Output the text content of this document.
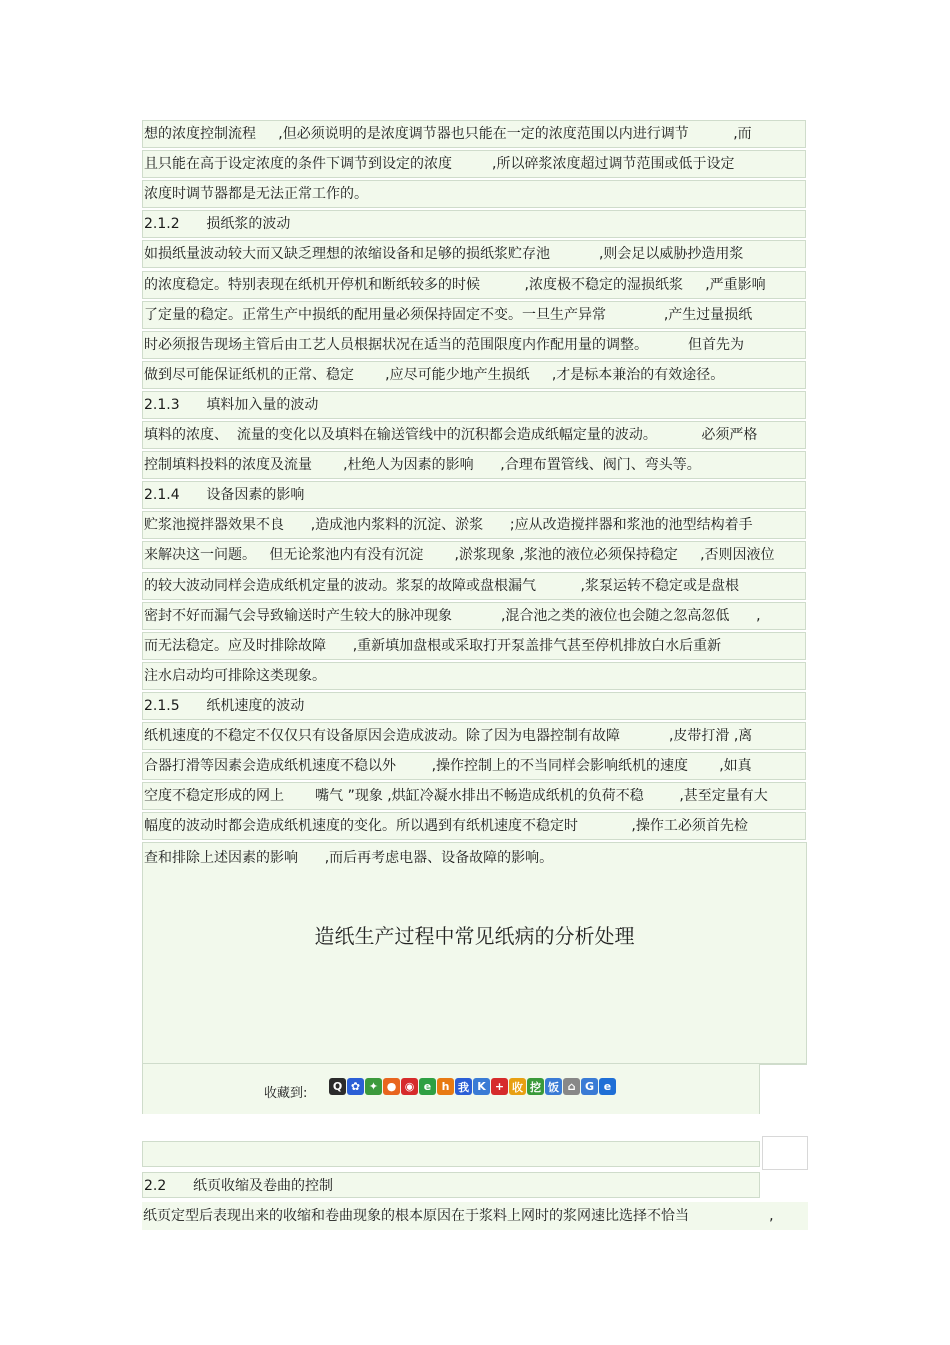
想的浓度控制流程     ,但必须说明的是浓度调节器也只能在一定的浓度范围以内进行调节          ,而
且只能在高于设定浓度的条件下调节到设定的浓度         ,所以碎浆浓度超过调节范围或低于设定
浓度时调节器都是无法正常工作的。
2.1.2      损纸浆的波动
如损纸量波动较大而又缺乏理想的浓缩设备和足够的损纸浆贮存池           ,则会足以威胁抄造用浆
的浓度稳定。特别表现在纸机开停机和断纸较多的时候          ,浓度极不稳定的湿损纸浆     ,严重影响
了定量的稳定。正常生产中损纸的配用量必须保持固定不变。一旦生产异常             ,产生过量损纸
时必须报告现场主管后由工艺人员根据状况在适当的范围限度内作配用量的调整。         但首先为
做到尽可能保证纸机的正常、稳定       ,应尽可能少地产生损纸     ,才是标本兼治的有效途径。
2.1.3      填料加入量的波动
填料的浓度、  流量的变化以及填料在输送管线中的沉积都会造成纸幅定量的波动。          必须严格
控制填料投料的浓度及流量       ,杜绝人为因素的影响      ,合理布置管线、阀门、弯头等。
2.1.4      设备因素的影响
贮浆池搅拌器效果不良      ,造成池内浆料的沉淀、淤浆      ;应从改造搅拌器和浆池的池型结构着手
来解决这一问题。   但无论浆池内有没有沉淀       ,淤浆现象 ,浆池的液位必须保持稳定     ,否则因液位
的较大波动同样会造成纸机定量的波动。浆泵的故障或盘根漏气          ,浆泵运转不稳定或是盘根
密封不好而漏气会导致输送时产生较大的脉冲现象           ,混合池之类的液位也会随之忽高忽低      ,
而无法稳定。应及时排除故障      ,重新填加盘根或采取打开泵盖排气甚至停机排放白水后重新
注水启动均可排除这类现象。
2.1.5      纸机速度的波动
纸机速度的不稳定不仅仅只有设备原因会造成波动。除了因为电器控制有故障           ,皮带打滑 ,离
合器打滑等因素会造成纸机速度不稳以外        ,操作控制上的不当同样会影响纸机的速度       ,如真
空度不稳定形成的网上       嘴气 ”现象 ,烘缸冷凝水排出不畅造成纸机的负荷不稳        ,甚至定量有大
幅度的波动时都会造成纸机速度的变化。所以遇到有纸机速度不稳定时            ,操作工必须首先检
查和排除上述因素的影响      ,而后再考虑电器、设备故障的影响。
造纸生产过程中常见纸病的分析处理
收藏到:	Q ✿ ✦ ● ◉ e h 我 K + 收 挖 饭 ⌂ G e
2.2      纸页收缩及卷曲的控制
纸页定型后表现出来的收缩和卷曲现象的根本原因在于浆料上网时的浆网速比选择不恰当                  ,
